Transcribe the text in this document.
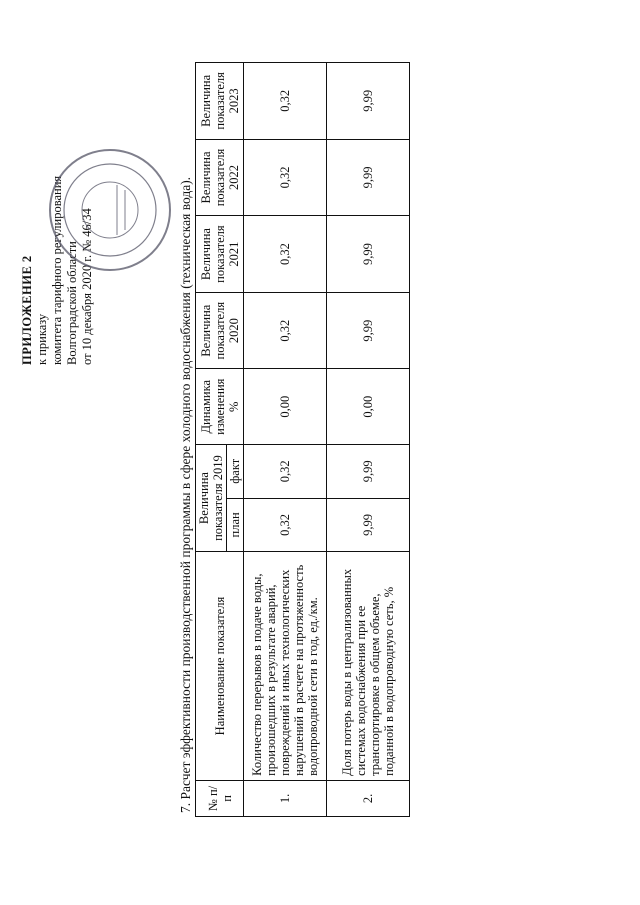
ПРИЛОЖЕНИЕ 2 к приказу комитета тарифного регулирования Волгоградской области от 10 декабря 2020 г. № 46/34
7. Расчет эффективности производственной программы в сфере холодного водоснабжения (техническая вода). № п/п	Наименование показателя	Величина показателя 2019		Динамика изменения %	Величина показателя 2020	Величина показателя 2021	Величина показателя 2022	Величина показателя 2023
		план	факт					
1.	Количество перерывов в подаче воды, произошедших в результате аварий, повреждений и иных технологических нарушений в расчете на протяженность водопроводной сети в год, ед./км.	0,32	0,32	0,00	0,32	0,32	0,32	0,32
2.	Доля потерь воды в централизованных системах водоснабжения при ее транспортировке в общем объеме, поданной в водопроводную сеть, %	9,99	9,99	0,00	9,99	9,99	9,99	9,99
